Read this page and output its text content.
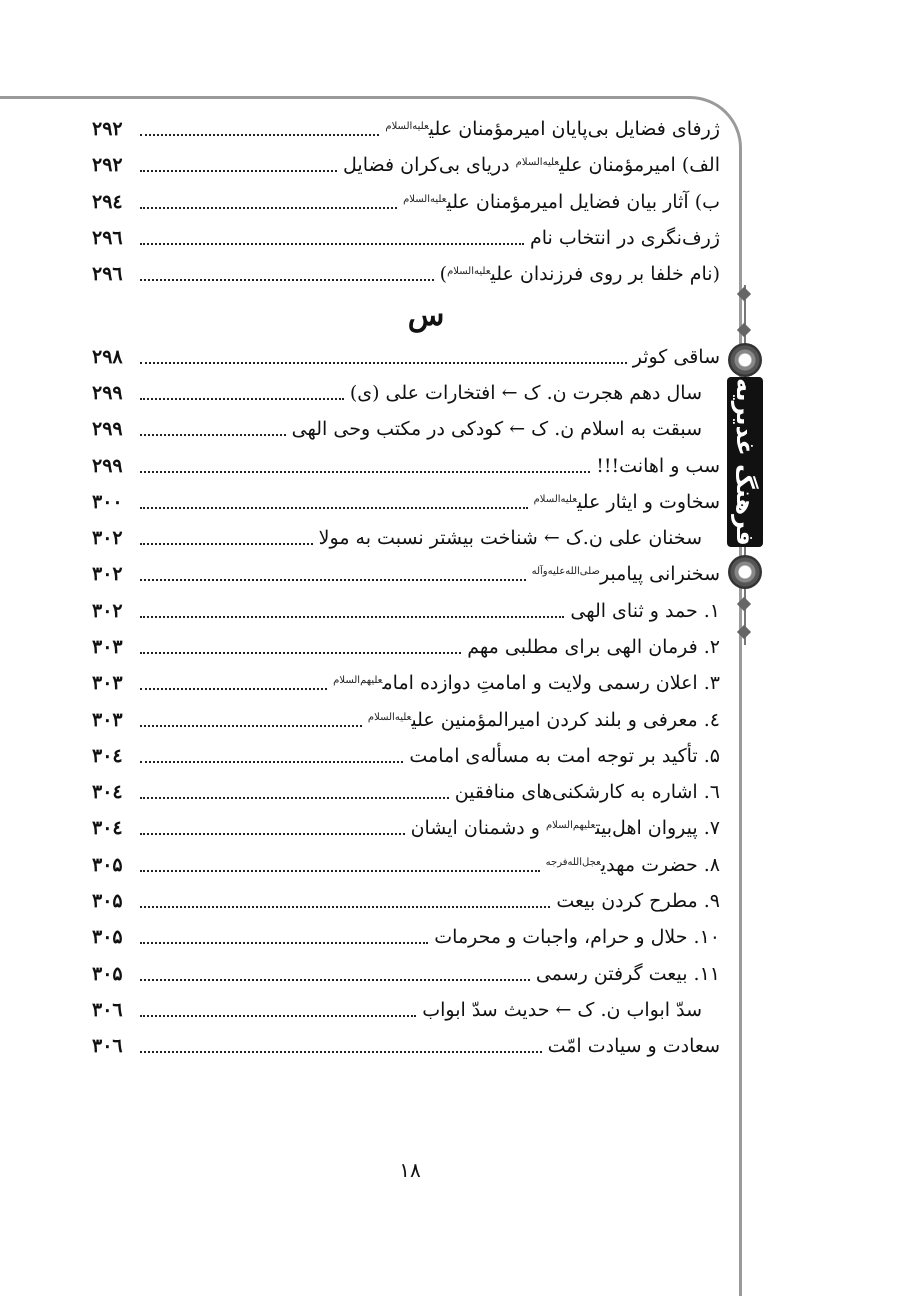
ژرفای فضایل بی‌پایان امیرمؤمنان علی$^{علیه‌السلام}$
۲۹۲
الف) امیرمؤمنان علی$^{علیه‌السلام}$ دریای بی‌کران فضایل
۲۹۲
ب) آثار بیان فضایل امیرمؤمنان علی$^{علیه‌السلام}$
۲۹٤
ژرف‌نگری در انتخاب نام
۲۹٦
(نام خلفا بر روی فرزندان علی$^{علیه‌السلام}$)
۲۹٦
س
ساقی کوثر
۲۹۸
سال دهم هجرت ن. ک ← افتخارات علی (ی)
۲۹۹
سبقت به اسلام ن. ک ← کودکی در مکتب وحی الهی
۲۹۹
سب و اهانت!!!
۲۹۹
سخاوت و ایثار علی$^{علیه‌السلام}$
۳۰۰
سخنان علی ن.ک ← شناخت بیشتر نسبت به مولا
۳۰۲
سخنرانی پیامبر$^{صلی‌الله‌علیه‌وآله}$
۳۰۲
۱. حمد و ثنای الهی
۳۰۲
۲. فرمان الهی برای مطلبی مهم
۳۰۳
۳. اعلان رسمی ولایت و امامتِ دوازده امام$^{علیهم‌السلام}$
۳۰۳
٤. معرفی و بلند کردن امیرالمؤمنین علی$^{علیه‌السلام}$
۳۰۳
۵. تأکید بر توجه امت به مسأله‌ی امامت
۳۰٤
٦. اشاره به کارشکنی‌های منافقین
۳۰٤
۷. پیروان اهل‌بیت$^{علیهم‌السلام}$ و دشمنان ایشان
۳۰٤
۸. حضرت مهدی$^{عجل‌الله‌فرجه}$
۳۰۵
۹. مطرح کردن بیعت
۳۰۵
۱۰. حلال و حرام، واجبات و محرمات
۳۰۵
۱۱. بیعت گرفتن رسمی
۳۰۵
سدّ ابواب ن. ک ← حدیث سدّ ابواب
۳۰٦
سعادت و سیادت امّت
۳۰٦
فرهنگ غدیریه
۱۸
